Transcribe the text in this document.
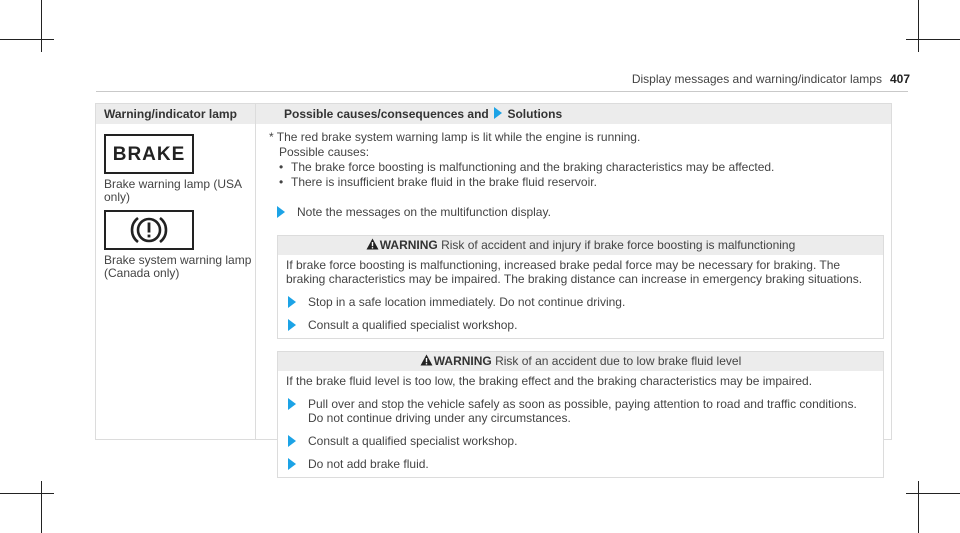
Display messages and warning/indicator lamps 407
Warning/indicator lamp	Possible causes/consequences and Solutions
BRAKE
Brake warning lamp (USA only)
Brake system warning lamp (Canada only)

* The red brake system warning lamp is lit while the engine is running.

Possible causes:

• The brake force boosting is malfunctioning and the braking characteristics may be affected.
• There is insufficient brake fluid in the brake fluid reservoir.
Note the messages on the multifunction display.
WARNING Risk of accident and injury if brake force boosting is malfunctioning

If brake force boosting is malfunctioning, increased brake pedal force may be necessary for braking. The braking characteristics may be impaired. The braking distance can increase in emergency braking situations.

Stop in a safe location immediately. Do not continue driving.
Consult a qualified specialist workshop.
WARNING Risk of an accident due to low brake fluid level

If the brake fluid level is too low, the braking effect and the braking characteristics may be impaired.

Pull over and stop the vehicle safely as soon as possible, paying attention to road and traffic conditions. Do not continue driving under any circumstances.
Consult a qualified specialist workshop.
Do not add brake fluid.
